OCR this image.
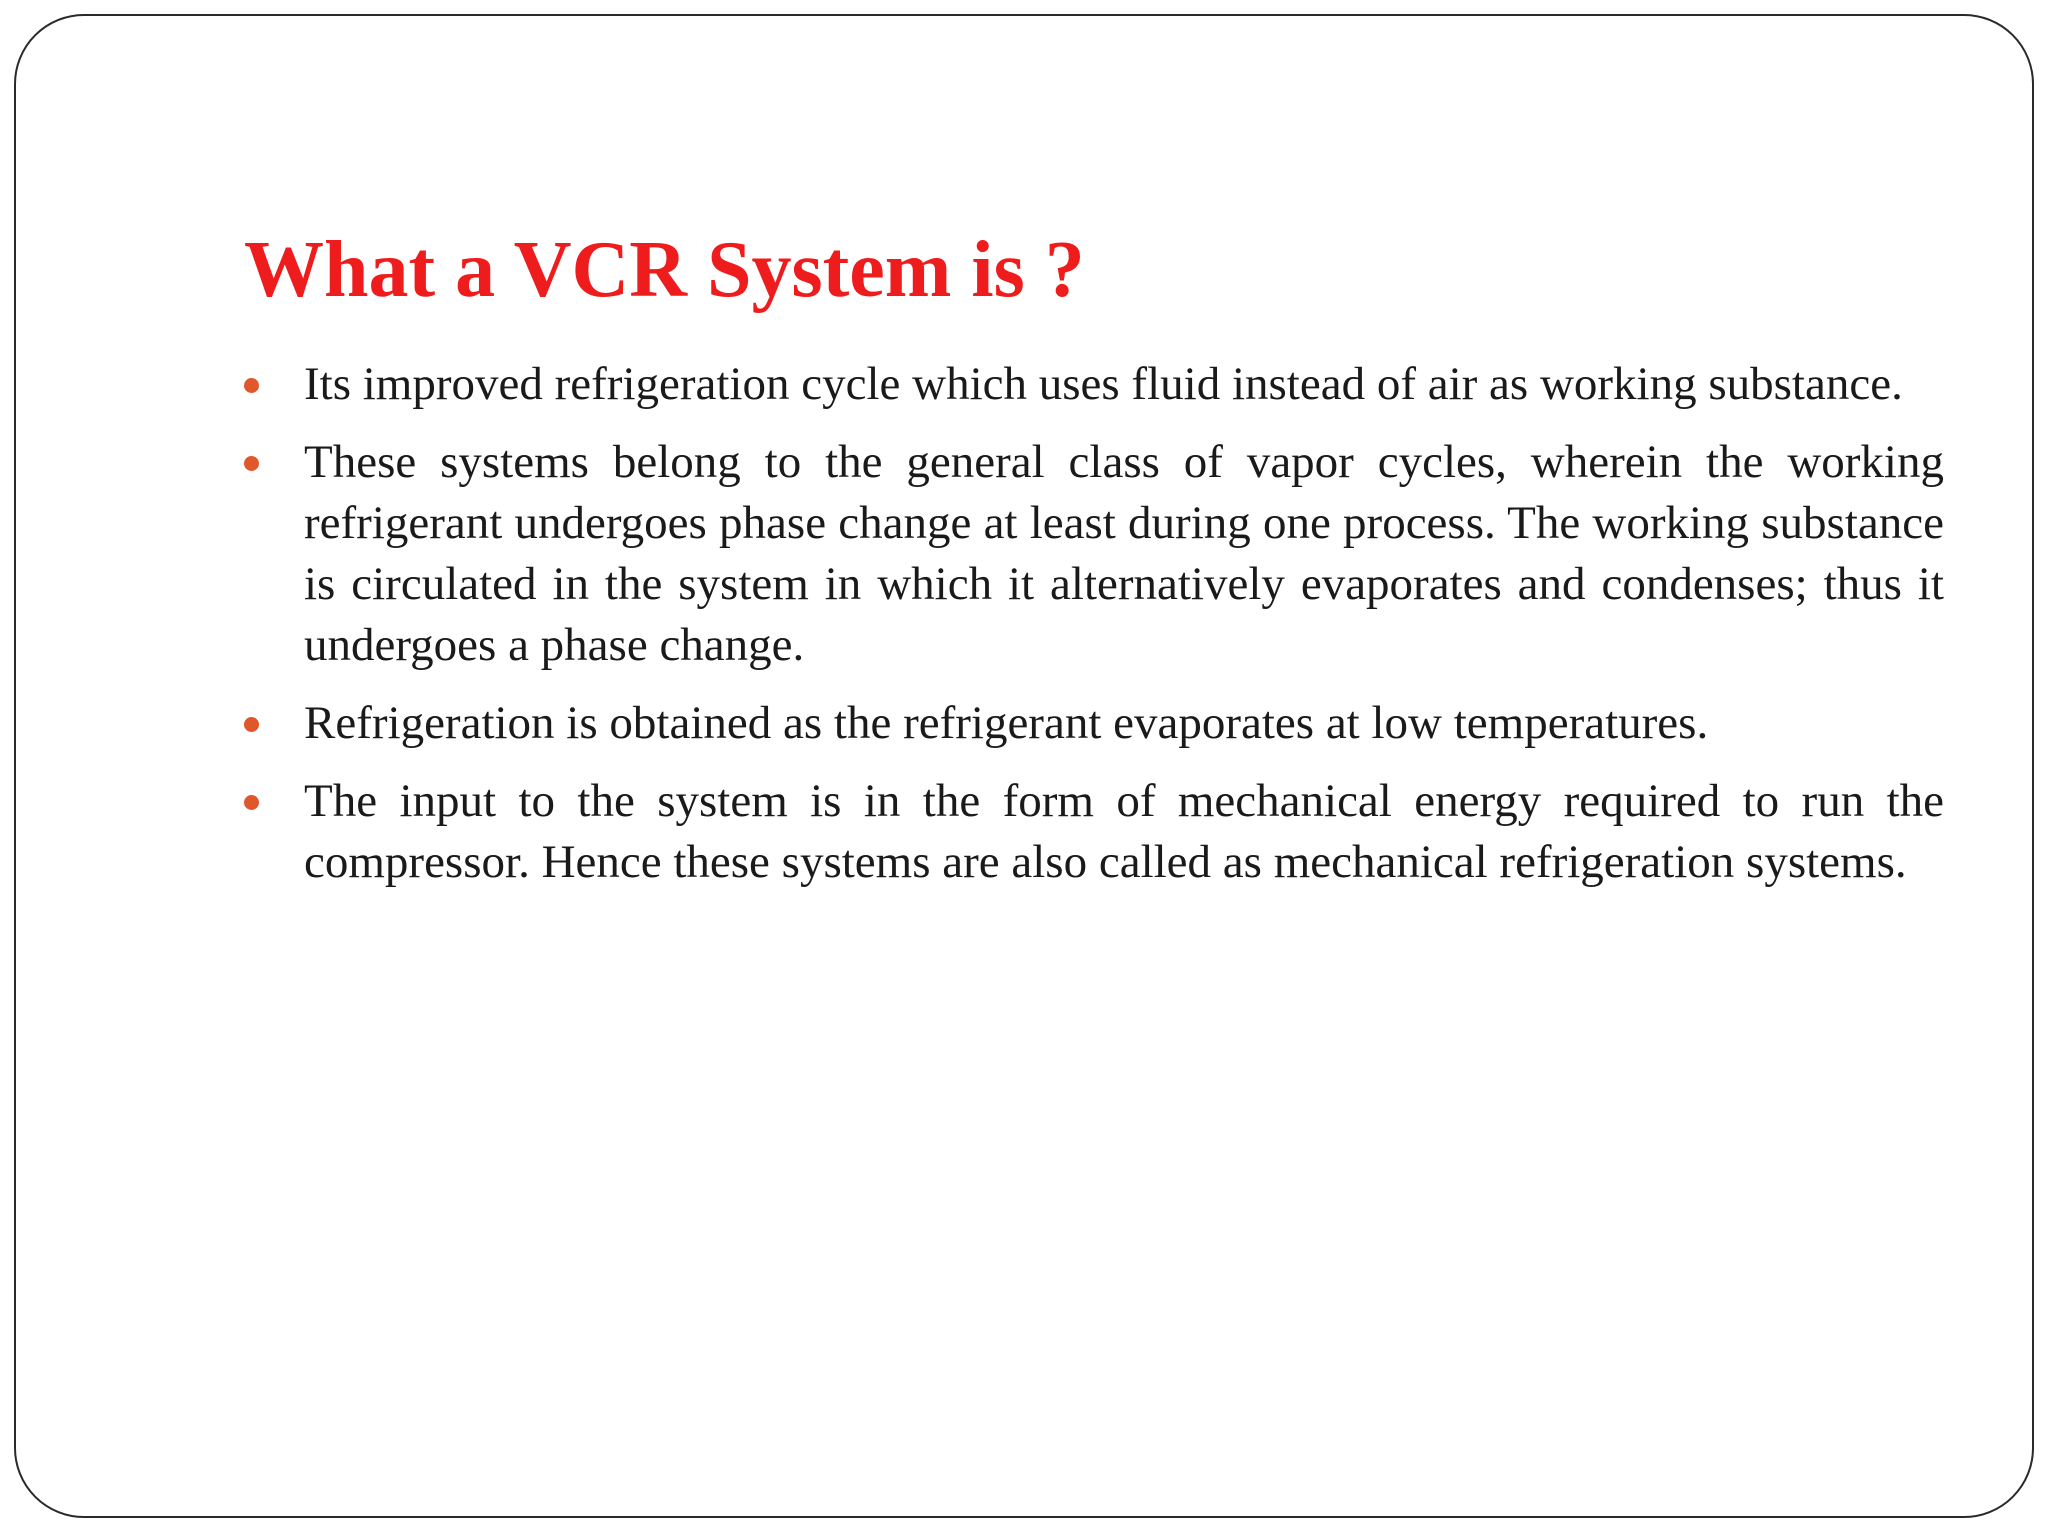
What a VCR System is ?
Its improved refrigeration cycle which uses fluid instead of air as working substance.
These systems belong to the general class of vapor cycles, wherein the working refrigerant undergoes phase change at least during one process. The working substance is circulated in the system in which it alternatively evaporates and condenses; thus it undergoes a phase change.
Refrigeration is obtained as the refrigerant evaporates at low temperatures.
The input to the system is in the form of mechanical energy required to run the compressor. Hence these systems are also called as mechanical refrigeration systems.
